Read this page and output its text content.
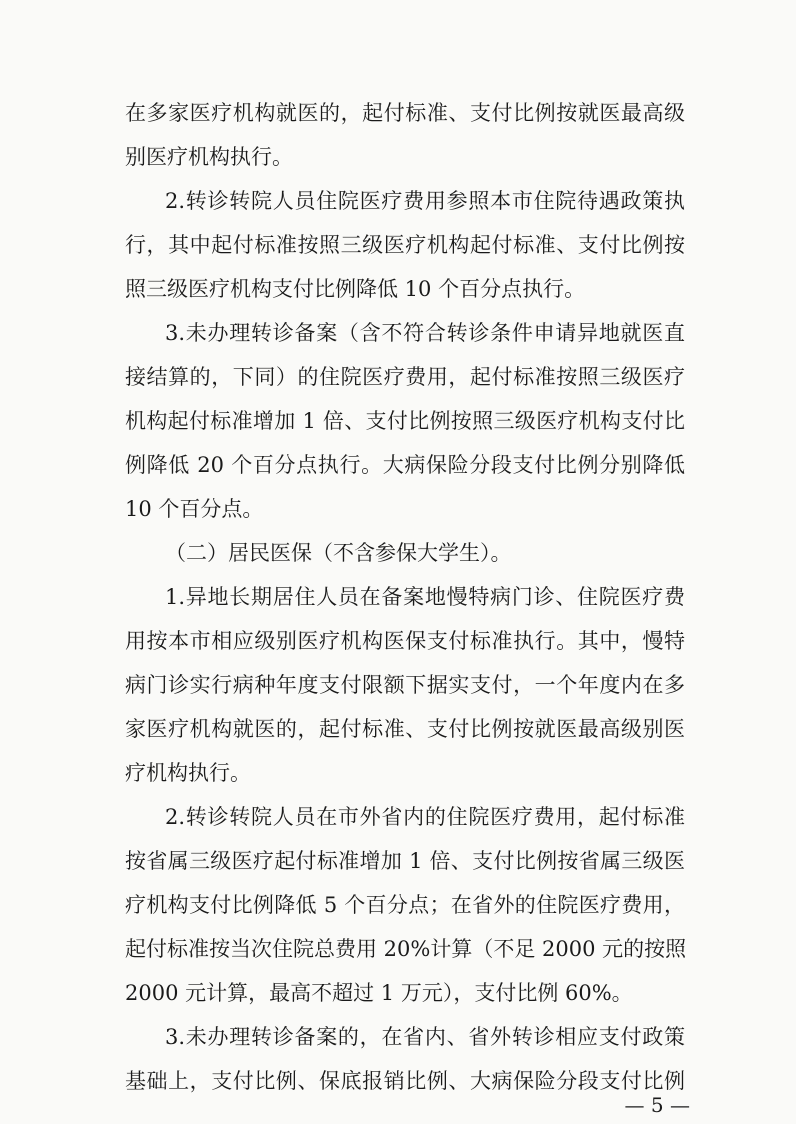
在多家医疗机构就医的，起付标准、支付比例按就医最高级
别医疗机构执行。
2.转诊转院人员住院医疗费用参照本市住院待遇政策执
行，其中起付标准按照三级医疗机构起付标准、支付比例按
照三级医疗机构支付比例降低 10 个百分点执行。
3.未办理转诊备案（含不符合转诊条件申请异地就医直
接结算的，下同）的住院医疗费用，起付标准按照三级医疗
机构起付标准增加 1 倍、支付比例按照三级医疗机构支付比
例降低 20 个百分点执行。大病保险分段支付比例分别降低
10 个百分点。
（二）居民医保（不含参保大学生）。
1.异地长期居住人员在备案地慢特病门诊、住院医疗费
用按本市相应级别医疗机构医保支付标准执行。其中，慢特
病门诊实行病种年度支付限额下据实支付，一个年度内在多
家医疗机构就医的，起付标准、支付比例按就医最高级别医
疗机构执行。
2.转诊转院人员在市外省内的住院医疗费用，起付标准
按省属三级医疗起付标准增加 1 倍、支付比例按省属三级医
疗机构支付比例降低 5 个百分点；在省外的住院医疗费用，
起付标准按当次住院总费用 20%计算（不足 2000 元的按照
2000 元计算，最高不超过 1 万元），支付比例 60%。
3.未办理转诊备案的，在省内、省外转诊相应支付政策
基础上，支付比例、保底报销比例、大病保险分段支付比例
— 5 —
